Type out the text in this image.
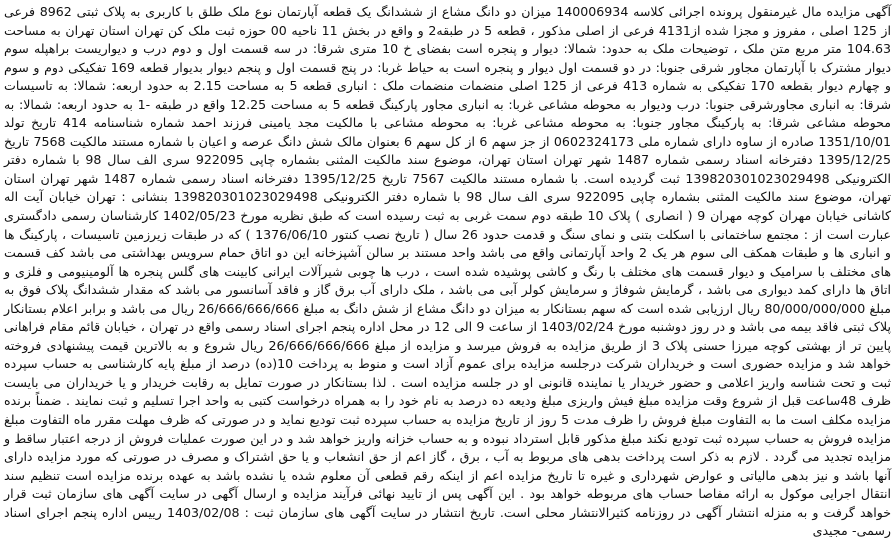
آگهی مزایده مال غیرمنقول پرونده اجرائی کلاسه 140006934 میزان دو دانگ مشاع از ششدانگ یک قطعه آپارتمان نوع ملک طلق با کاربری به پلاک ثبتی 8962 فرعی از 125 اصلی ، مفروز و مجزا شده از4131 فرعی از اصلی مذکور ، قطعه 5 در طبقه2 و واقع در بخش 11 ناحیه 00 حوزه ثبت ملک کن تهران استان تهران به مساحت 104.63 متر مربع متن ملک ، توضیحات ملک به حدود: شمالا: دیوار و پنجره است بفضای خ 10 متری شرقا: در سه قسمت اول و دوم درب و دیواریست براهپله سوم دیوار مشترک با آپارتمان مجاور شرقی جنوبا: در دو قسمت اول دیوار و پنجره است به حیاط غربا: در پنج قسمت اول و پنجم دیوار بدیوار قطعه 169 تفکیکی دوم و سوم و چهارم دیوار بقطعه 170 تفکیکی به شماره 413 فرعی از 125 اصلی منضمات منضمات ملک : انباری قطعه 5 به مساحت 2.15 به حدود اربعه: شمالا: به تاسیسات شرقا: به انباری مجاورشرقی جنوبا: درب ودیوار به محوطه مشاعی غربا: به انباری مجاور پارکینگ قطعه 5 به مساحت 12.25 واقع در طبقه -1 به حدود اربعه: شمالا: به محوطه مشاعی شرقا: به پارکینگ مجاور جنوبا: به محوطه مشاعی غربا: به محوطه مشاعی با مالکیت مجد یامینی فرزند احمد شماره شناسنامه 414 تاریخ تولد 1351/10/01 صادره از ساوه دارای شماره ملی 0602324173 از جز سهم 6 از کل سهم 6 بعنوان مالک شش دانگ عرصه و اعیان با شماره مستند مالکیت 7568 تاریخ 1395/12/25 دفترخانه اسناد رسمی شماره 1487 شهر تهران استان تهران، موضوع سند مالکیت المثنی بشماره چاپی 922095 سری الف سال 98 با شماره دفتر الکترونیکی 139820301023029498 ثبت گردیده است. با شماره مستند مالکیت 7567 تاریخ 1395/12/25 دفترخانه اسناد رسمی شماره 1487 شهر تهران استان تهران، موضوع سند مالکیت المثنی بشماره چاپی 922095 سری الف سال 98 با شماره دفتر الکترونیکی 139820301023029498 بنشانی : تهران خیابان آیت اله کاشانی خیابان مهران کوچه مهران 9 ( انصاری ) پلاک 10 طبقه دوم سمت غربی به ثبت رسیده است که طبق نظریه مورخ 1402/05/23 کارشناسان رسمی دادگستری عبارت است از : مجتمع ساختمانی با اسکلت بتنی و نمای سنگ و قدمت حدود 26 سال ( تاریخ نصب کنتور 1376/06/10 ) که در طبقات زیرزمین تاسیسات ، پارکینگ ها و انباری ها و طبقات همکف الی سوم هر یک 2 واحد آپارتمانی واقع می باشد واحد مستند بر سالن آشپزخانه این دو اتاق حمام سرویس بهداشتی می باشد کف قسمت های مختلف با سرامیک و دیوار قسمت های مختلف با رنگ و کاشی پوشیده شده است ، درب ها چوبی شیرآلات ایرانی کابینت های گلس پنجره ها آلومینیومی و فلزی و اتاق ها دارای کمد دیواری می باشد ، گرمایش شوفاژ و سرمایش کولر آبی می باشد ، ملک دارای آب برق گاز و فاقد آسانسور می باشد که مقدار ششدانگ پلاک فوق به مبلغ 80/000/000/000 ریال ارزیابی شده است که سهم بستانکار به میزان دو دانگ مشاع از شش دانگ به مبلغ 26/666/666/666 ریال می باشد و برابر اعلام بستانکار پلاک ثبتی فاقد بیمه می باشد و در روز دوشنبه مورخ 1403/02/24 از ساعت 9 الی 12 در محل اداره پنجم اجرای اسناد رسمی واقع در تهران ، خیابان قائم مقام فراهانی پایین تر از بهشتی کوچه میرزا حسنی پلاک 3 از طریق مزایده به فروش میرسد و مزایده از مبلغ 26/666/666/666 ریال شروع و به بالاترین قیمت پیشنهادی فروخته خواهد شد و مزایده حضوری است و خریداران شرکت درجلسه مزایده برای عموم آزاد است و منوط به پرداخت 10(ده) درصد از مبلغ پایه کارشناسی به حساب سپرده ثبت و تحت شناسه واریز اعلامی و حضور خریدار یا نماینده قانونی او در جلسه مزایده است . لذا بستانکار در صورت تمایل به رقابت خریدار و یا خریداران می بایست ظرف 48ساعت قبل از شروع وقت مزایده مبلغ فیش واریزی مبلغ ودیعه ده درصد به نام خود را به همراه درخواست کتبی به واحد اجرا تسلیم و ثبت نمایند . ضمناً برنده مزایده مکلف است ما به التفاوت مبلغ فروش را ظرف مدت 5 روز از تاریخ مزایده به حساب سپرده ثبت تودیع نماید و در صورتی که ظرف مهلت مقرر ماه التفاوت مبلغ مزایده فروش به حساب سپرده ثبت تودیع نکند مبلغ مذکور قابل استرداد نبوده و به حساب خزانه واریز خواهد شد و در این صورت عملیات فروش از درجه اعتبار ساقط و مزایده تجدید می گردد . لازم به ذکر است پرداخت بدهی های مربوط به آب ، برق ، گاز اعم از حق انشعاب و یا حق اشتراک و مصرف در صورتی که مورد مزایده دارای آنها باشد و نیز بدهی مالیاتی و عوارض شهرداری و غیره تا تاریخ مزایده اعم از اینکه رقم قطعی آن معلوم شده یا نشده باشد به عهده برنده مزایده است تنظیم سند انتقال اجرایی موکول به ارائه مفاصا حساب های مربوطه خواهد بود . این آگهی پس از تایید نهائی فرآیند مزایده و ارسال آگهی در سایت آگهی های سازمان ثبت قرار خواهد گرفت و به منزله انتشار آگهی در روزنامه کثیرالانتشار محلی است. تاریخ انتشار در سایت آگهی های سازمان ثبت : 1403/02/08 رییس اداره پنجم اجرای اسناد رسمی- مجیدی
